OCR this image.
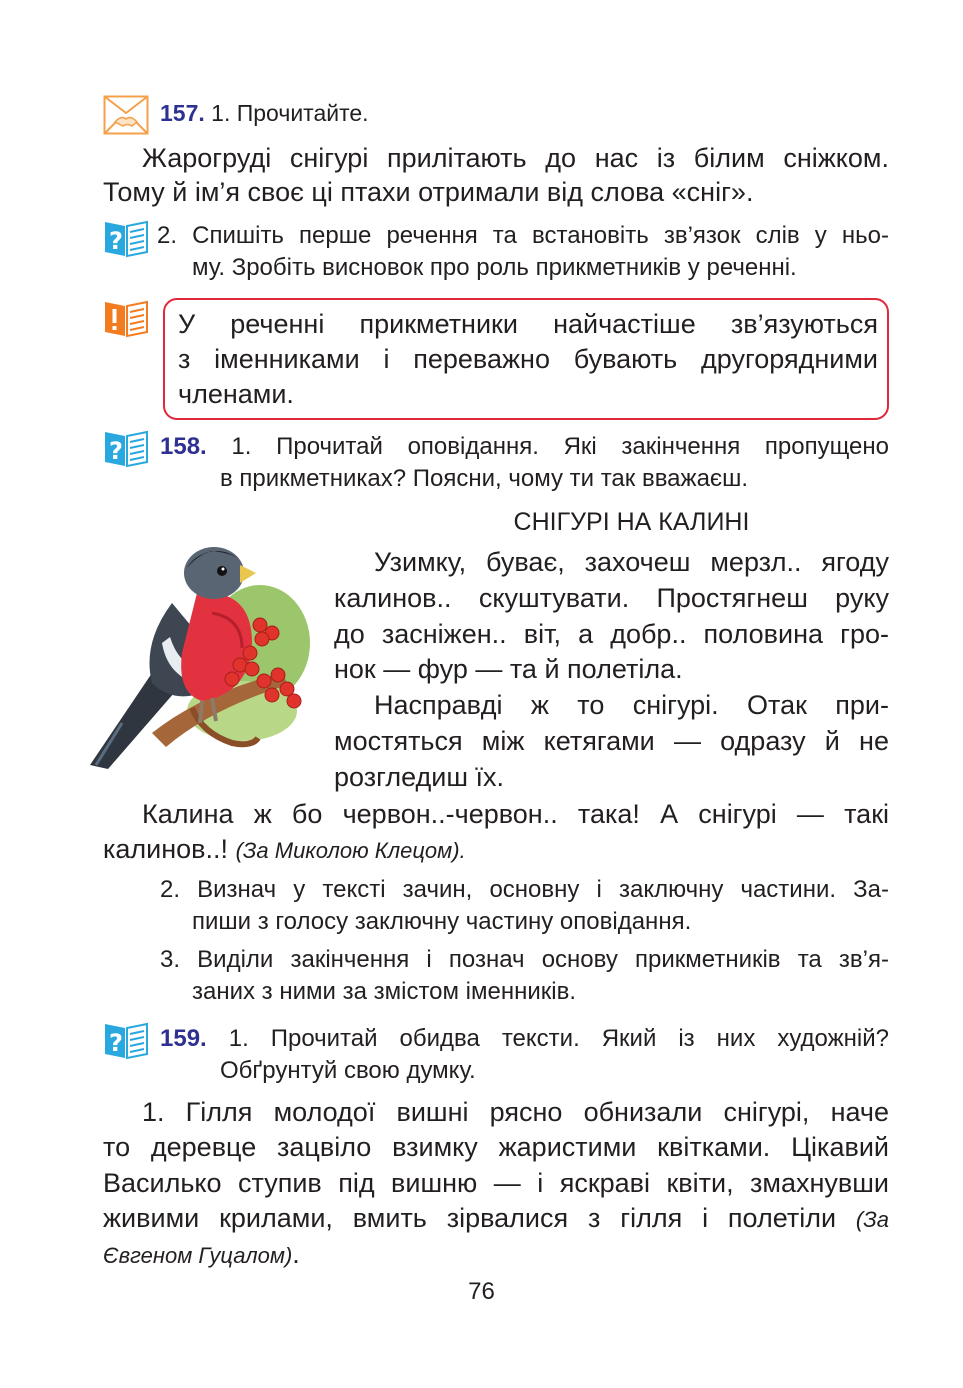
157. 1. Прочитайте.

Жарогруді снігурі прилітають до нас із білим сніжком.

Тому й ім’я своє ці птахи отримали від слова «сніг».

? 2. Спишіть перше речення та встановіть зв’язок слів у ньо-

му. Зробіть висновок про роль прикметників у реченні.

У реченні прикметники найчастіше зв’язуються

з іменниками і переважно бувають другорядними

членами.

? 158. 1. Прочитай оповідання. Які закінчення пропущено

в прикметниках? Поясни, чому ти так вважаєш.

СНІГУРІ НА КАЛИНІ

Узимку, буває, захочеш мерзл.. ягоду

калинов.. скуштувати. Простягнеш руку

до засніжен.. віт, а добр.. половина гро-

нок — фур — та й полетіла.

Насправді ж то снігурі. Отак при-

мостяться між кетягами — одразу й не

розгледиш їх.

Калина ж бо червон..-червон.. така! А снігурі — такі

калинов..! (За Миколою Клецом).

2. Визнач у тексті зачин, основну і заключну частини. За-

пиши з голосу заключну частину оповідання.

3. Виділи закінчення і познач основу прикметників та зв’я-

заних з ними за змістом іменників.

? 159. 1. Прочитай обидва тексти. Який із них художній?

Обґрунтуй свою думку.

1. Гілля молодої вишні рясно обнизали снігурі, наче

то деревце зацвіло взимку жаристими квітками. Цікавий

Василько ступив під вишню — і яскраві квіти, змахнувши

живими крилами, вмить зірвалися з гілля і полетіли (За
Євгеном Гуцалом).
76
